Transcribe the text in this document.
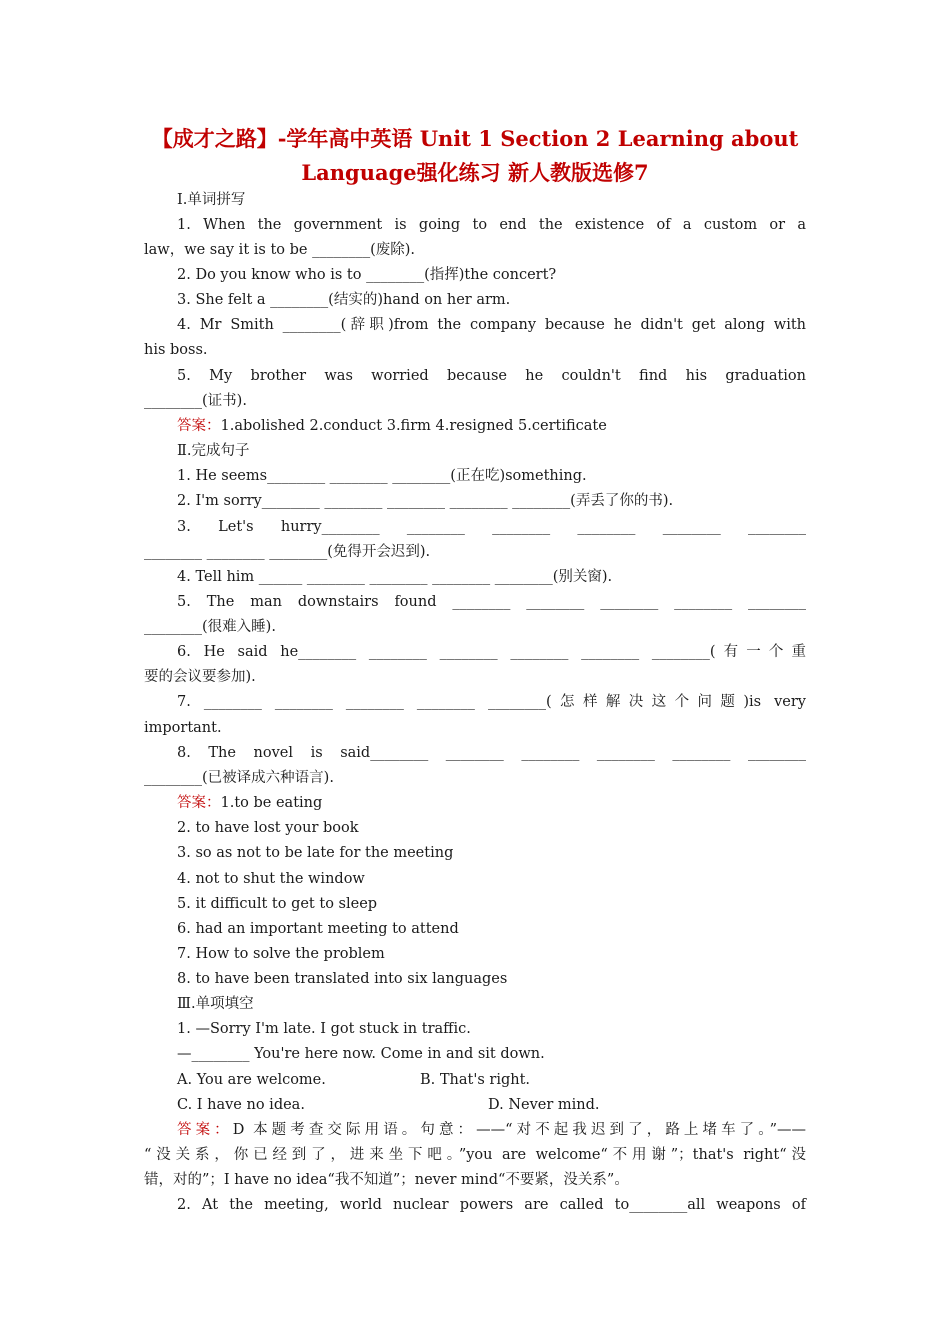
【成才之路】-学年高中英语 Unit 1 Section 2 Learning about
Language强化练习 新人教版选修7
Ⅰ.单词拼写
1. When the government is going to end the existence of a custom or a
law，we say it is to be ________(废除).
2. Do you know who is to ________(指挥)the concert?
3. She felt a ________(结实的)hand on her arm.
4. Mr Smith ________(辞职)from the company because he didn't get along with
his boss.
5. My brother was worried because he couldn't find his graduation
________(证书).
答案：1.abolished 2.conduct 3.firm 4.resigned 5.certificate
Ⅱ.完成句子
1. He seems________ ________ ________(正在吃)something.
2. I'm sorry________ ________ ________ ________ ________(弄丢了你的书).
3. Let's hurry________ ________ ________ ________ ________ ________
________ ________ ________(免得开会迟到).
4. Tell him ______ ________ ________ ________ ________(别关窗).
5. The man downstairs found ________ ________ ________ ________ ________
________(很难入睡).
6. He said he________ ________ ________ ________ ________ ________(有一个重
要的会议要参加).
7. ________ ________ ________ ________ ________(怎样解决这个问题)is very
important.
8. The novel is said________ ________ ________ ________ ________ ________
________(已被译成六种语言).
答案：1.to be eating
2. to have lost your book
3. so as not to be late for the meeting
4. not to shut the window
5. it difficult to get to sleep
6. had an important meeting to attend
7. How to solve the problem
8. to have been translated into six languages
Ⅲ.单项填空
1. —Sorry I'm late. I got stuck in traffic.
—________ You're here now. Come in and sit down.
A. You are welcome.	B. That's right.
C. I have no idea.	D. Never mind.
答案：D 本题考查交际用语。句意：——“对不起我迟到了，路上堵车了。”——
“没关系，你已经到了，进来坐下吧。”you are welcome“不用谢”；that's right“没
错，对的”；I have no idea“我不知道”；never mind“不要紧，没关系”。
2. At the meeting, world nuclear powers are called to________all weapons of
